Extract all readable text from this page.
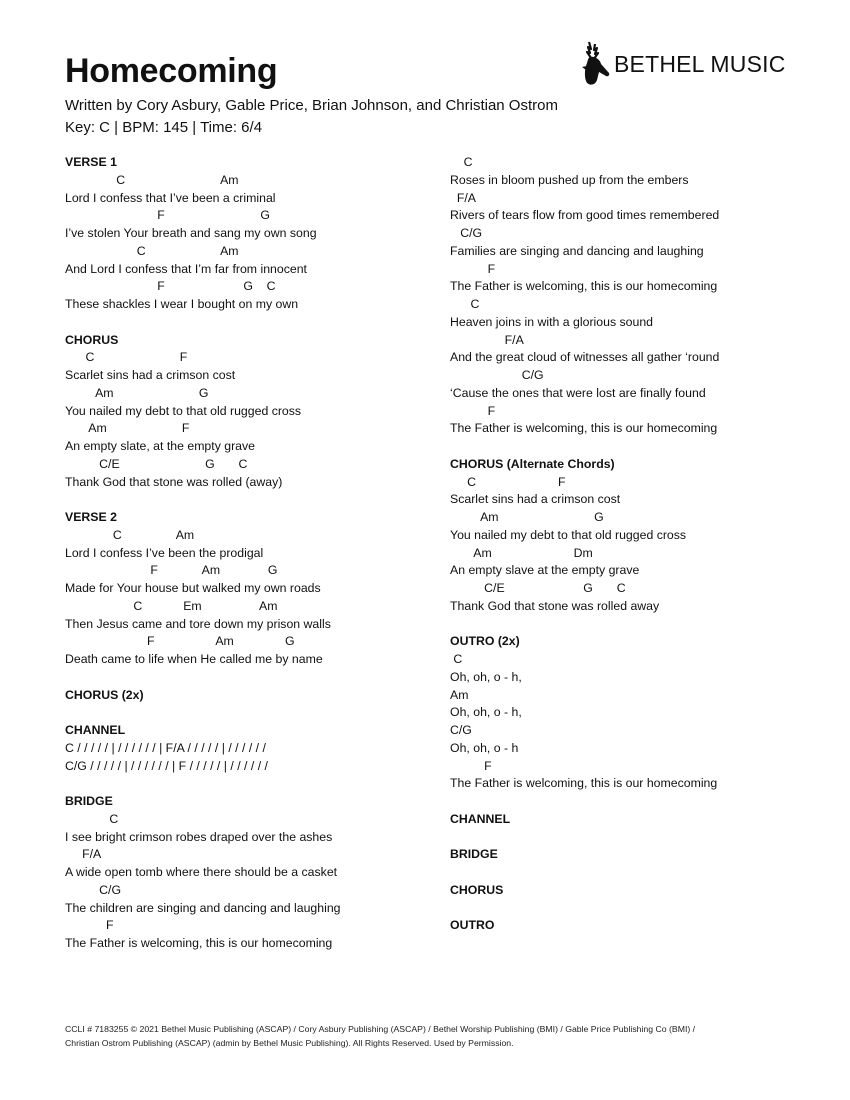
Homecoming
Written by Cory Asbury, Gable Price, Brian Johnson, and Christian Ostrom
Key: C | BPM: 145 | Time: 6/4
BETHEL MUSIC
VERSE 1
C                            Am
Lord I confess that I’ve been a criminal
F                            G
I’ve stolen Your breath and sang my own song
C                      Am
And Lord I confess that I’m far from innocent
F                       G    C
These shackles I wear I bought on my own
CHORUS
C                         F
Scarlet sins had a crimson cost
Am                         G
You nailed my debt to that old rugged cross
Am                      F
An empty slate, at the empty grave
C/E                         G       C
Thank God that stone was rolled (away)
VERSE 2
C                Am
Lord I confess I’ve been the prodigal
F             Am              G
Made for Your house but walked my own roads
C            Em                 Am
Then Jesus came and tore down my prison walls
F                  Am               G
Death came to life when He called me by name
CHORUS (2x)
CHANNEL
C / / / / / | / / / / / / | F/A / / / / / | / / / / / /
C/G / / / / / | / / / / / / | F / / / / / | / / / / / /
BRIDGE
C
I see bright crimson robes draped over the ashes
F/A
A wide open tomb where there should be a casket
C/G
The children are singing and dancing and laughing
F
The Father is welcoming, this is our homecoming
C
Roses in bloom pushed up from the embers
F/A
Rivers of tears flow from good times remembered
C/G
Families are singing and dancing and laughing
F
The Father is welcoming, this is our homecoming
C
Heaven joins in with a glorious sound
F/A
And the great cloud of witnesses all gather ‘round
C/G
‘Cause the ones that were lost are finally found
F
The Father is welcoming, this is our homecoming
CHORUS (Alternate Chords)
C                        F
Scarlet sins had a crimson cost
Am                            G
You nailed my debt to that old rugged cross
Am                        Dm
An empty slave at the empty grave
C/E                       G       C
Thank God that stone was rolled away
OUTRO (2x)
C
Oh, oh, o - h,
Am
Oh, oh, o - h,
C/G
Oh, oh, o - h
F
The Father is welcoming, this is our homecoming
CHANNEL
BRIDGE
CHORUS
OUTRO
CCLI # 7183255 © 2021 Bethel Music Publishing (ASCAP) / Cory Asbury Publishing (ASCAP) / Bethel Worship Publishing (BMI) / Gable Price Publishing Co (BMI) /
Christian Ostrom Publishing (ASCAP) (admin by Bethel Music Publishing). All Rights Reserved. Used by Permission.
